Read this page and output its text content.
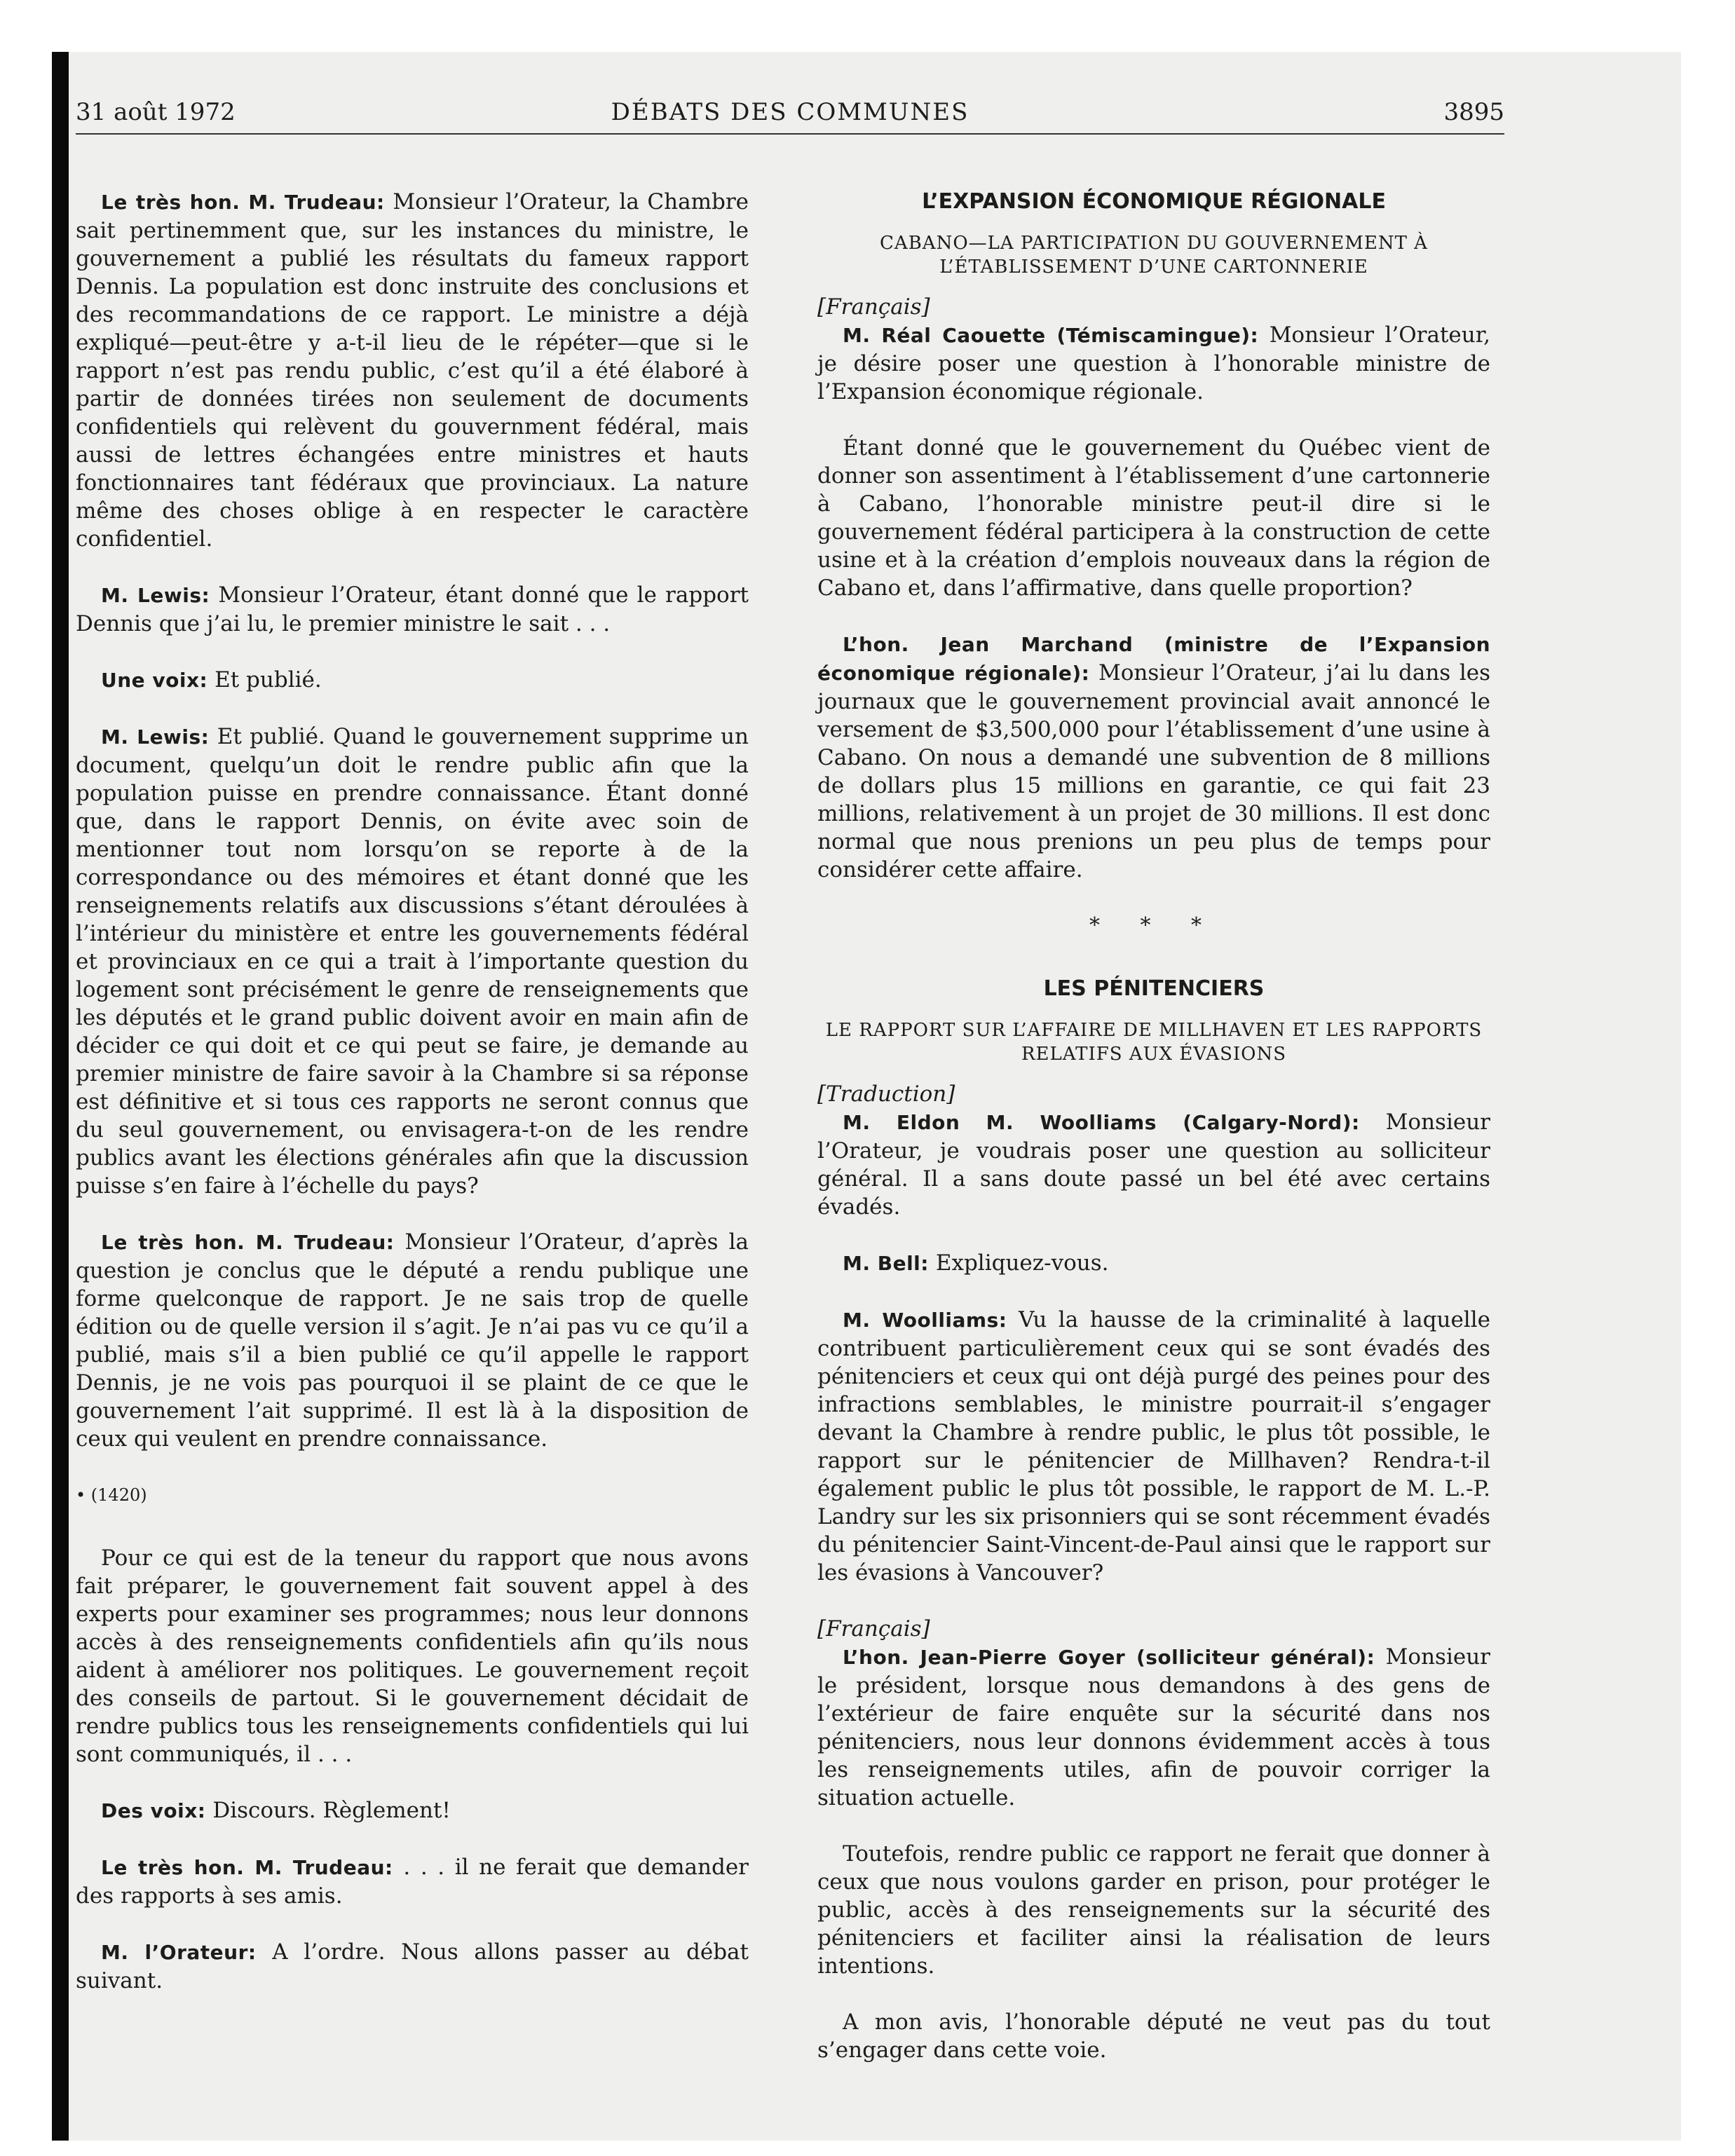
31 août 1972	DÉBATS DES COMMUNES	3895

Le très hon. M. Trudeau: Monsieur l’Orateur, la Chambre sait pertinemment que, sur les instances du ministre, le gouvernement a publié les résultats du fameux rapport Dennis. La population est donc instruite des conclusions et des recommandations de ce rapport. Le ministre a déjà expliqué—peut-être y a-t-il lieu de le répéter—que si le rapport n’est pas rendu public, c’est qu’il a été élaboré à partir de données tirées non seulement de documents confidentiels qui relèvent du gouvernment fédéral, mais aussi de lettres échangées entre ministres et hauts fonctionnaires tant fédéraux que provinciaux. La nature même des choses oblige à en respecter le caractère confidentiel.

M. Lewis: Monsieur l’Orateur, étant donné que le rapport Dennis que j’ai lu, le premier ministre le sait . . .

Une voix: Et publié.

M. Lewis: Et publié. Quand le gouvernement supprime un document, quelqu’un doit le rendre public afin que la population puisse en prendre connaissance. Étant donné que, dans le rapport Dennis, on évite avec soin de mentionner tout nom lorsqu’on se reporte à de la correspondance ou des mémoires et étant donné que les renseignements relatifs aux discussions s’étant déroulées à l’intérieur du ministère et entre les gouvernements fédéral et provinciaux en ce qui a trait à l’importante question du logement sont précisément le genre de renseignements que les députés et le grand public doivent avoir en main afin de décider ce qui doit et ce qui peut se faire, je demande au premier ministre de faire savoir à la Chambre si sa réponse est définitive et si tous ces rapports ne seront connus que du seul gouvernement, ou envisagera-t-on de les rendre publics avant les élections générales afin que la discussion puisse s’en faire à l’échelle du pays?

Le très hon. M. Trudeau: Monsieur l’Orateur, d’après la question je conclus que le député a rendu publique une forme quelconque de rapport. Je ne sais trop de quelle édition ou de quelle version il s’agit. Je n’ai pas vu ce qu’il a publié, mais s’il a bien publié ce qu’il appelle le rapport Dennis, je ne vois pas pourquoi il se plaint de ce que le gouvernement l’ait supprimé. Il est là à la disposition de ceux qui veulent en prendre connaissance.

• (1420)

Pour ce qui est de la teneur du rapport que nous avons fait préparer, le gouvernement fait souvent appel à des experts pour examiner ses programmes; nous leur donnons accès à des renseignements confidentiels afin qu’ils nous aident à améliorer nos politiques. Le gouvernement reçoit des conseils de partout. Si le gouvernement décidait de rendre publics tous les renseignements confidentiels qui lui sont communiqués, il . . .

Des voix: Discours. Règlement!

Le très hon. M. Trudeau: . . . il ne ferait que demander des rapports à ses amis.

M. l’Orateur: A l’ordre. Nous allons passer au débat suivant.

L’EXPANSION ÉCONOMIQUE RÉGIONALE
CABANO—LA PARTICIPATION DU GOUVERNEMENT À L’ÉTABLISSEMENT D’UNE CARTONNERIE

[Français]

M. Réal Caouette (Témiscamingue): Monsieur l’Orateur, je désire poser une question à l’honorable ministre de l’Expansion économique régionale.

Étant donné que le gouvernement du Québec vient de donner son assentiment à l’établissement d’une cartonnerie à Cabano, l’honorable ministre peut-il dire si le gouvernement fédéral participera à la construction de cette usine et à la création d’emplois nouveaux dans la région de Cabano et, dans l’affirmative, dans quelle proportion?

L’hon. Jean Marchand (ministre de l’Expansion économique régionale): Monsieur l’Orateur, j’ai lu dans les journaux que le gouvernement provincial avait annoncé le versement de $3,500,000 pour l’établissement d’une usine à Cabano. On nous a demandé une subvention de 8 millions de dollars plus 15 millions en garantie, ce qui fait 23 millions, relativement à un projet de 30 millions. Il est donc normal que nous prenions un peu plus de temps pour considérer cette affaire.

* * *
LES PÉNITENCIERS
LE RAPPORT SUR L’AFFAIRE DE MILLHAVEN ET LES RAPPORTS RELATIFS AUX ÉVASIONS

[Traduction]

M. Eldon M. Woolliams (Calgary-Nord): Monsieur l’Orateur, je voudrais poser une question au solliciteur général. Il a sans doute passé un bel été avec certains évadés.

M. Bell: Expliquez-vous.

M. Woolliams: Vu la hausse de la criminalité à laquelle contribuent particulièrement ceux qui se sont évadés des pénitenciers et ceux qui ont déjà purgé des peines pour des infractions semblables, le ministre pourrait-il s’engager devant la Chambre à rendre public, le plus tôt possible, le rapport sur le pénitencier de Millhaven? Rendra-t-il également public le plus tôt possible, le rapport de M. L.-P. Landry sur les six prisonniers qui se sont récemment évadés du pénitencier Saint-Vincent-de-Paul ainsi que le rapport sur les évasions à Vancouver?

[Français]

L’hon. Jean-Pierre Goyer (solliciteur général): Monsieur le président, lorsque nous demandons à des gens de l’extérieur de faire enquête sur la sécurité dans nos pénitenciers, nous leur donnons évidemment accès à tous les renseignements utiles, afin de pouvoir corriger la situation actuelle.

Toutefois, rendre public ce rapport ne ferait que donner à ceux que nous voulons garder en prison, pour protéger le public, accès à des renseignements sur la sécurité des pénitenciers et faciliter ainsi la réalisation de leurs intentions.

A mon avis, l’honorable député ne veut pas du tout s’engager dans cette voie.
